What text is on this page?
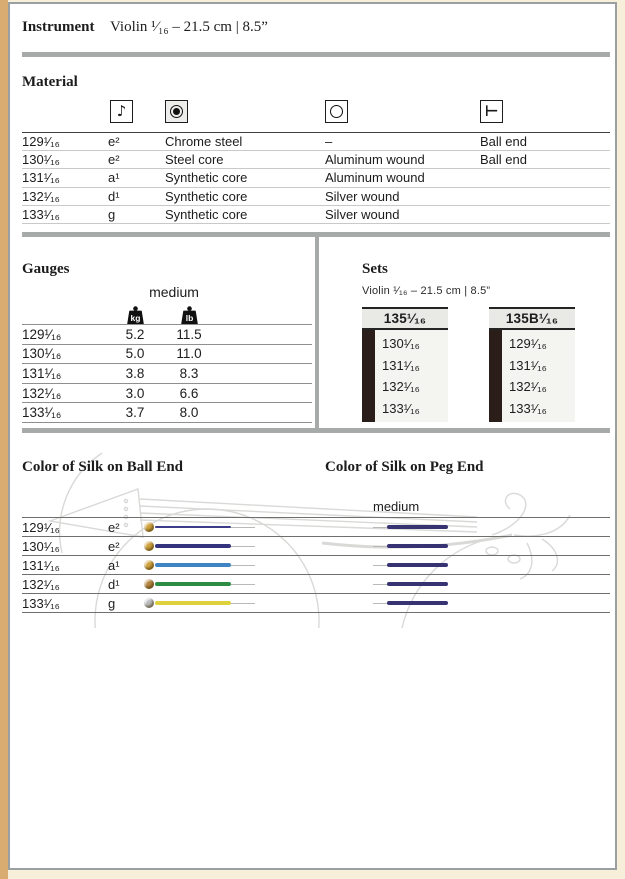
Instrument Violin ¹⁄₁₆ – 21.5 cm | 8.5”
Material
♪	⊢
129¹⁄₁₆	e²	Chrome steel	–	Ball end
130¹⁄₁₆	e²	Steel core	Aluminum wound	Ball end
131¹⁄₁₆	a¹	Synthetic core	Aluminum wound
132¹⁄₁₆	d¹	Synthetic core	Silver wound
133¹⁄₁₆	g	Synthetic core	Silver wound
Gauges
medium
kg	lb
129¹⁄₁₆	5.2	11.5
130¹⁄₁₆	5.0	11.0
131¹⁄₁₆	3.8	8.3
132¹⁄₁₆	3.0	6.6
133¹⁄₁₆	3.7	8.0
Sets
Violin ¹⁄₁₆ – 21.5 cm | 8.5”
135¹⁄₁₆
130¹⁄₁₆
131¹⁄₁₆
132¹⁄₁₆
133¹⁄₁₆
135B¹⁄₁₆
129¹⁄₁₆
131¹⁄₁₆
132¹⁄₁₆
133¹⁄₁₆
Color of Silk on Ball End	Color of Silk on Peg End
medium
129¹⁄₁₆	e²
130¹⁄₁₆	e²
131¹⁄₁₆	a¹
132¹⁄₁₆	d¹
133¹⁄₁₆	g
